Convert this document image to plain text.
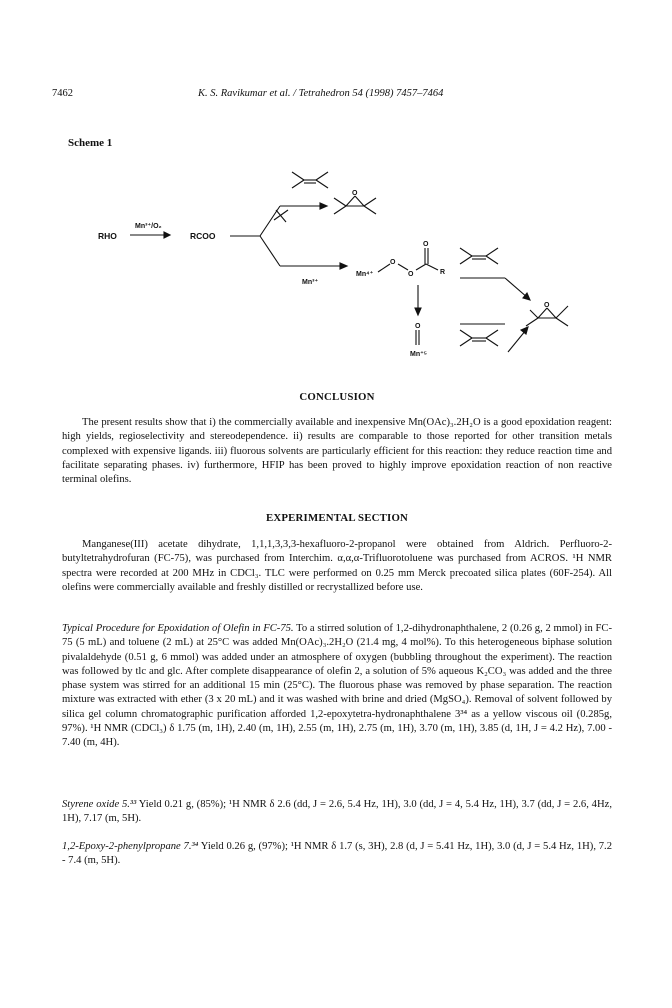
7462	K. S. Ravikumar et al. / Tetrahedron 54 (1998) 7457–7464
Scheme 1
RHO
Mn³⁺/O₂
RCOO
Mn³⁺
Mn⁴⁺
O
O
O
R
O
O
O
Mn⁺⁵
CONCLUSION

The present results show that i) the commercially available and inexpensive Mn(OAc)₃.2H₂O is a good epoxidation reagent: high yields, regioselectivity and stereodependence. ii) results are comparable to those reported for other transition metals complexed with expensive ligands. iii) fluorous solvents are particularly efficient for this reaction: they reduce reaction time and facilitate separating phases. iv) furthermore, HFIP has been proved to highly improve epoxidation reaction of non reactive terminal olefins.

EXPERIMENTAL SECTION

Manganese(III) acetate dihydrate, 1,1,1,3,3,3-hexafluoro-2-propanol were obtained from Aldrich. Perfluoro-2-butyltetrahydrofuran (FC-75), was purchased from Interchim. α,α,α-Trifluorotoluene was purchased from ACROS. ¹H NMR spectra were recorded at 200 MHz in CDCl₃. TLC were performed on 0.25 mm Merck precoated silica plates (60F-254). All olefins were commercially available and freshly distilled or recrystallized before use.

Typical Procedure for Epoxidation of Olefin in FC-75. To a stirred solution of 1,2-dihydronaphthalene, 2 (0.26 g, 2 mmol) in FC-75 (5 mL) and toluene (2 mL) at 25°C was added Mn(OAc)₃.2H₂O (21.4 mg, 4 mol%). To this heterogeneous biphase solution pivalaldehyde (0.51 g, 6 mmol) was added under an atmosphere of oxygen (bubbling throughout the experiment). The reaction was followed by tlc and glc. After complete disappearance of olefin 2, a solution of 5% aqueous K₂CO₃ was added and the three phase system was stirred for an additional 15 min (25°C). The fluorous phase was removed by phase separation. The reaction mixture was extracted with ether (3 x 20 mL) and it was washed with brine and dried (MgSO₄). Removal of solvent followed by silica gel column chromatographic purification afforded 1,2-epoxytetra-hydronaphthalene 3³⁴ as a yellow viscous oil (0.285g, 97%). ¹H NMR (CDCl₃) δ 1.75 (m, 1H), 2.40 (m, 1H), 2.55 (m, 1H), 2.75 (m, 1H), 3.70 (m, 1H), 3.85 (d, 1H, J = 4.2 Hz), 7.00 - 7.40 (m, 4H).

Styrene oxide 5.³³ Yield 0.21 g, (85%); ¹H NMR δ 2.6 (dd, J = 2.6, 5.4 Hz, 1H), 3.0 (dd, J = 4, 5.4 Hz, 1H), 3.7 (dd, J = 2.6, 4Hz, 1H), 7.17 (m, 5H).

1,2-Epoxy-2-phenylpropane 7.³⁴ Yield 0.26 g, (97%); ¹H NMR δ 1.7 (s, 3H), 2.8 (d, J = 5.41 Hz, 1H), 3.0 (d, J = 5.4 Hz, 1H), 7.2 - 7.4 (m, 5H).
